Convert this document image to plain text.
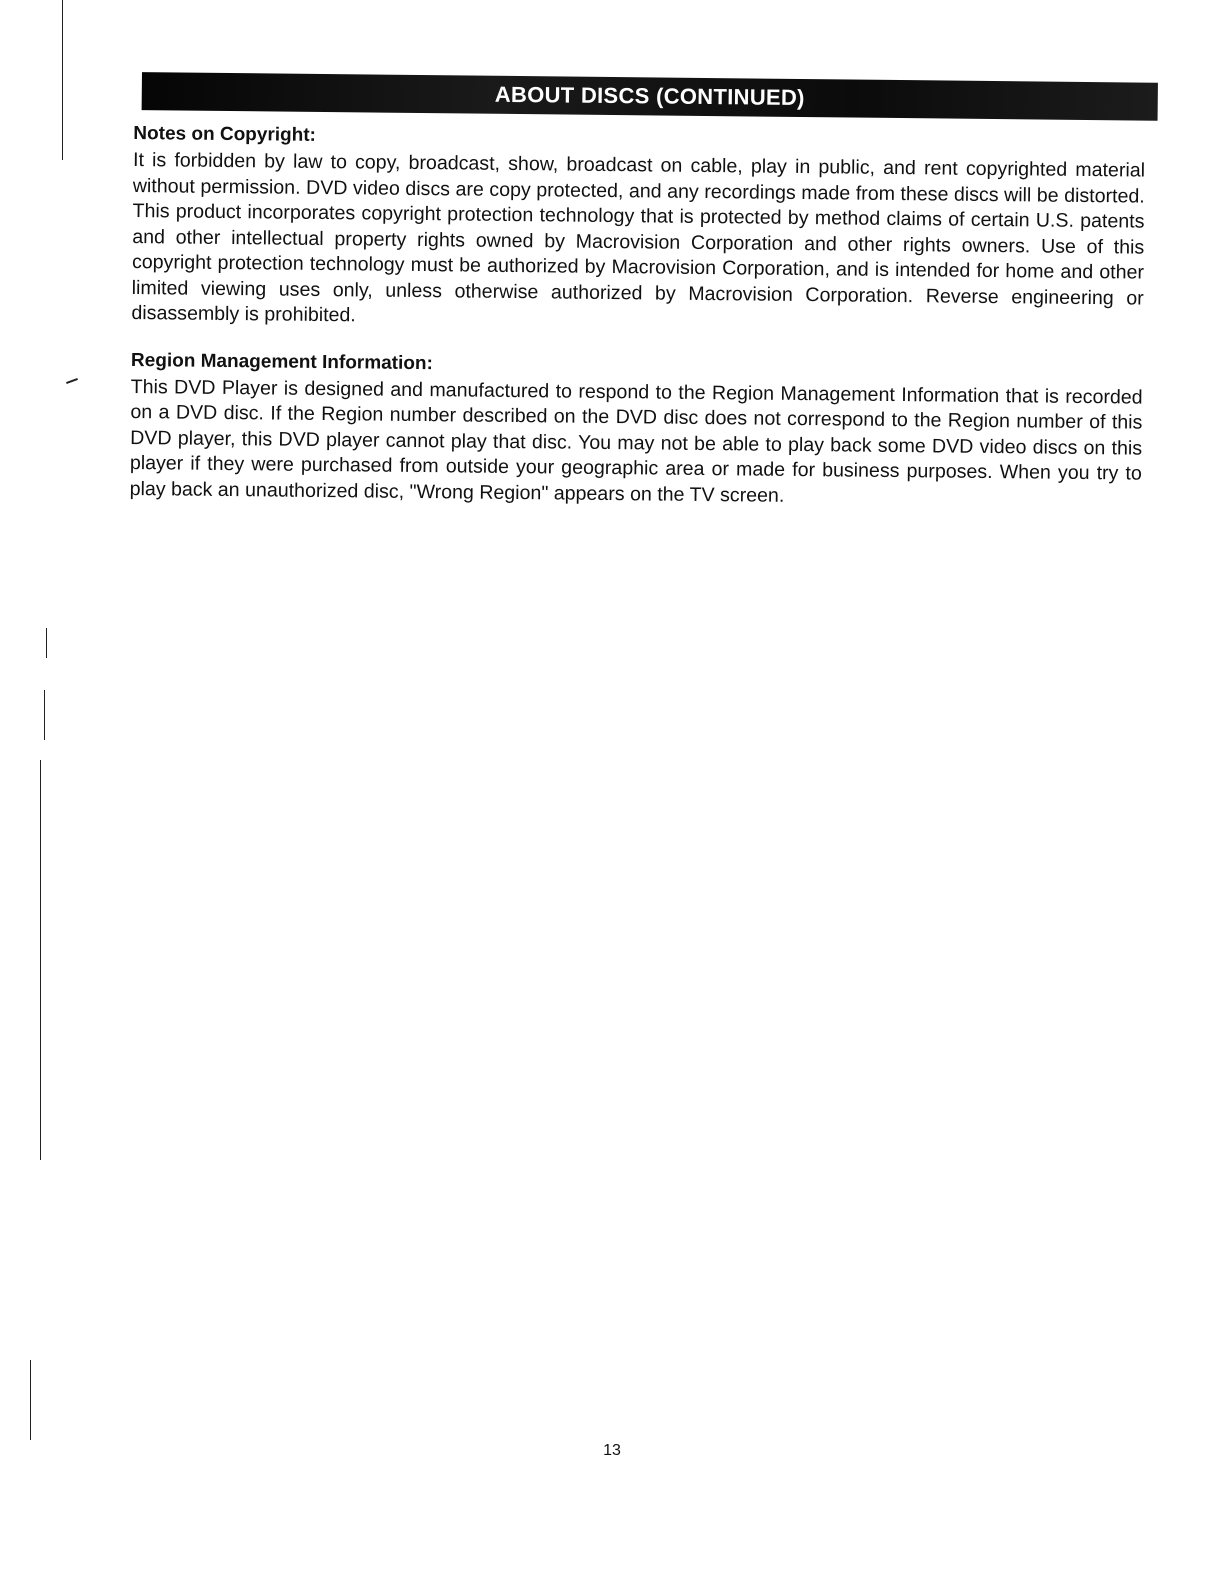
ABOUT DISCS (CONTINUED)
Notes on Copyright:

It is forbidden by law to copy, broadcast, show, broadcast on cable, play in public, and rent copyrighted material without permission. DVD video discs are copy protected, and any recordings made from these discs will be distorted. This product incorporates copyright protection technology that is protected by method claims of certain U.S. patents and other intellectual property rights owned by Macrovision Corporation and other rights owners. Use of this copyright protection technology must be authorized by Macrovision Corporation, and is intended for home and other limited viewing uses only, unless otherwise authorized by Macrovision Corporation. Reverse engineering or disassembly is prohibited.

Region Management Information:

This DVD Player is designed and manufactured to respond to the Region Management Information that is recorded on a DVD disc. If the Region number described on the DVD disc does not correspond to the Region number of this DVD player, this DVD player cannot play that disc. You may not be able to play back some DVD video discs on this player if they were purchased from outside your geographic area or made for business purposes. When you try to play back an unauthorized disc, "Wrong Region" appears on the TV screen.

13
